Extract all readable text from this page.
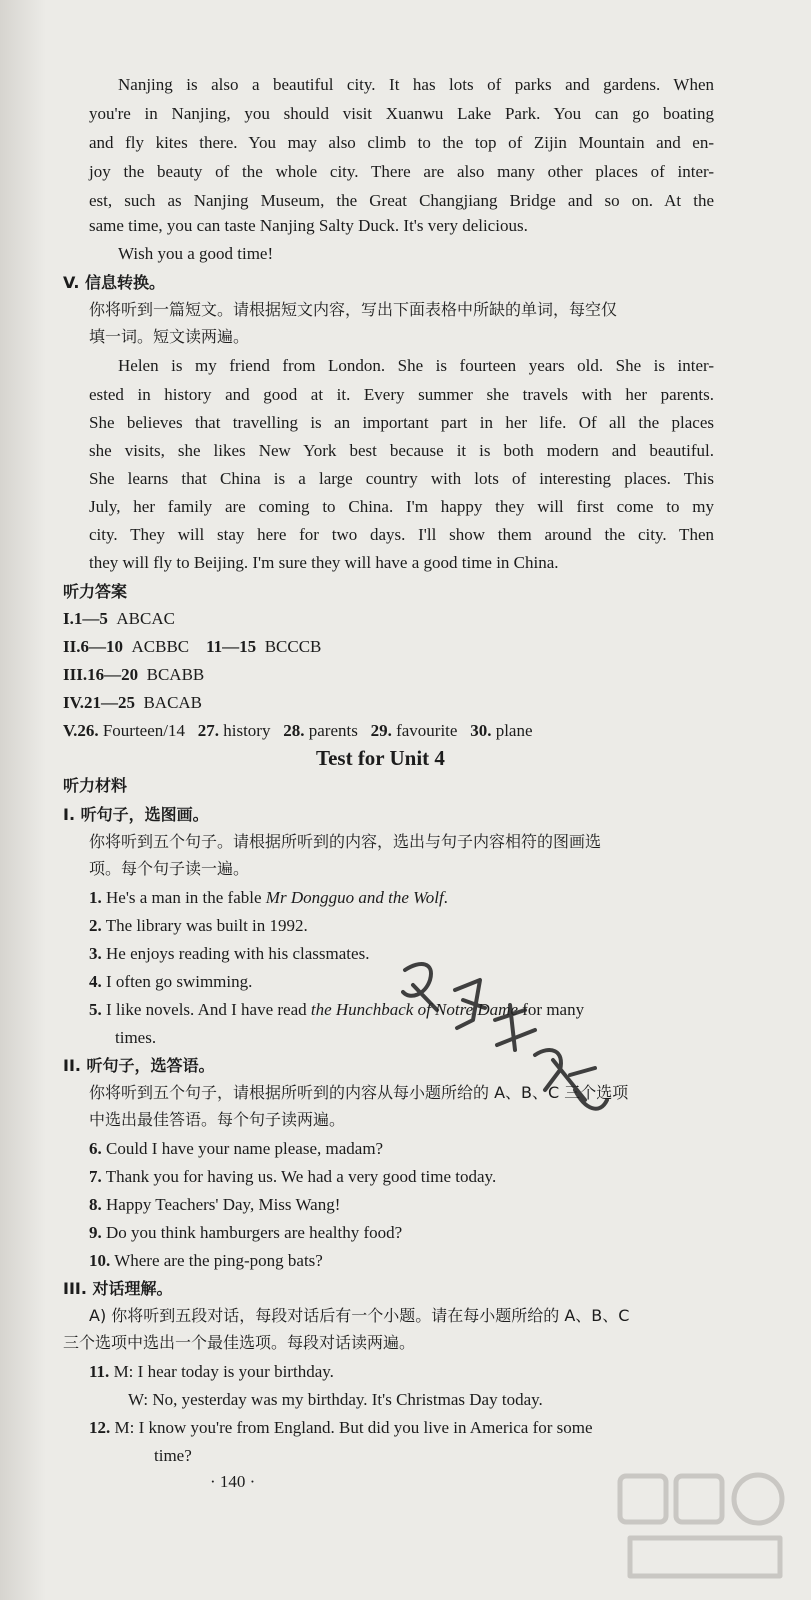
Nanjing is also a beautiful city. It has lots of parks and gardens. When
you're in Nanjing, you should visit Xuanwu Lake Park. You can go boating
and fly kites there. You may also climb to the top of Zijin Mountain and en-
joy the beauty of the whole city. There are also many other places of inter-
est, such as Nanjing Museum, the Great Changjiang Bridge and so on. At the
same time, you can taste Nanjing Salty Duck. It's very delicious.
Wish you a good time!
V. 信息转换。
你将听到一篇短文。请根据短文内容，写出下面表格中所缺的单词，每空仅
填一词。短文读两遍。
Helen is my friend from London. She is fourteen years old. She is inter-
ested in history and good at it. Every summer she travels with her parents.
She believes that travelling is an important part in her life. Of all the places
she visits, she likes New York best because it is both modern and beautiful.
She learns that China is a large country with lots of interesting places. This
July, her family are coming to China. I'm happy they will first come to my
city. They will stay here for two days. I'll show them around the city. Then
they will fly to Beijing. I'm sure they will have a good time in China.
听力答案
I.1—5 ABCAC
II.6—10 ACBBC 11—15 BCCCB
III.16—20 BCABB
IV.21—25 BACAB
V.26. Fourteen/14 27. history 28. parents 29. favourite 30. plane
Test for Unit 4
听力材料
I. 听句子，选图画。
你将听到五个句子。请根据所听到的内容，选出与句子内容相符的图画选
项。每个句子读一遍。
1. He's a man in the fable Mr Dongguo and the Wolf.
2. The library was built in 1992.
3. He enjoys reading with his classmates.
4. I often go swimming.
5. I like novels. And I have read the Hunchback of Notre Dame for many
times.
II. 听句子，选答语。
你将听到五个句子，请根据所听到的内容从每小题所给的 A、B、C 三个选项
中选出最佳答语。每个句子读两遍。
6. Could I have your name please, madam?
7. Thank you for having us. We had a very good time today.
8. Happy Teachers' Day, Miss Wang!
9. Do you think hamburgers are healthy food?
10. Where are the ping-pong bats?
III. 对话理解。
A) 你将听到五段对话，每段对话后有一个小题。请在每小题所给的 A、B、C
三个选项中选出一个最佳选项。每段对话读两遍。
11. M: I hear today is your birthday.
W: No, yesterday was my birthday. It's Christmas Day today.
12. M: I know you're from England. But did you live in America for some
time?
· 140 ·
